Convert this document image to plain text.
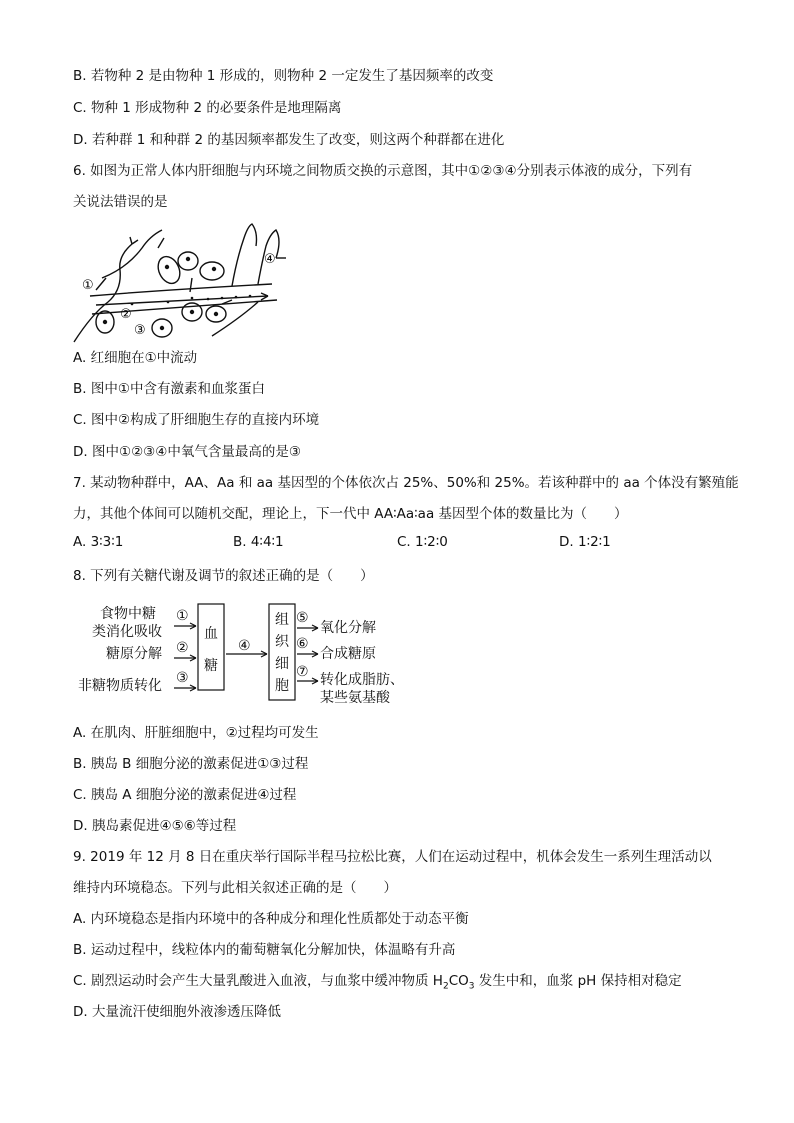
B. 若物种 2 是由物种 1 形成的，则物种 2 一定发生了基因频率的改变
C. 物种 1 形成物种 2 的必要条件是地理隔离
D. 若种群 1 和种群 2 的基因频率都发生了改变，则这两个种群都在进化
6. 如图为正常人体内肝细胞与内环境之间物质交换的示意图，其中①②③④分别表示体液的成分，下列有
关说法错误的是
①
②
③
④
A. 红细胞在①中流动
B. 图中①中含有激素和血浆蛋白
C. 图中②构成了肝细胞生存的直接内环境
D. 图中①②③④中氧气含量最高的是③
7. 某动物种群中，AA、Aa 和 aa 基因型的个体依次占 25%、50%和 25%。若该种群中的 aa 个体没有繁殖能
力，其他个体间可以随机交配，理论上，下一代中 AA∶Aa∶aa 基因型个体的数量比为（　　）
A. 3∶3∶1	B. 4∶4∶1	C. 1∶2∶0	D. 1∶2∶1
8. 下列有关糖代谢及调节的叙述正确的是（　　）
食物中糖
类消化吸收
糖原分解
非糖物质转化
①
②
③
血
糖
④
组
织
细
胞
⑤
⑥
⑦
氧化分解
合成糖原
转化成脂肪、
某些氨基酸
A. 在肌肉、肝脏细胞中，②过程均可发生
B. 胰岛 B 细胞分泌的激素促进①③过程
C. 胰岛 A 细胞分泌的激素促进④过程
D. 胰岛素促进④⑤⑥等过程
9. 2019 年 12 月 8 日在重庆举行国际半程马拉松比赛，人们在运动过程中，机体会发生一系列生理活动以
维持内环境稳态。下列与此相关叙述正确的是（　　）
A. 内环境稳态是指内环境中的各种成分和理化性质都处于动态平衡
B. 运动过程中，线粒体内的葡萄糖氧化分解加快，体温略有升高
C. 剧烈运动时会产生大量乳酸进入血液，与血浆中缓冲物质 $H_2CO_3$ 发生中和，血浆 pH 保持相对稳定
D. 大量流汗使细胞外液渗透压降低
